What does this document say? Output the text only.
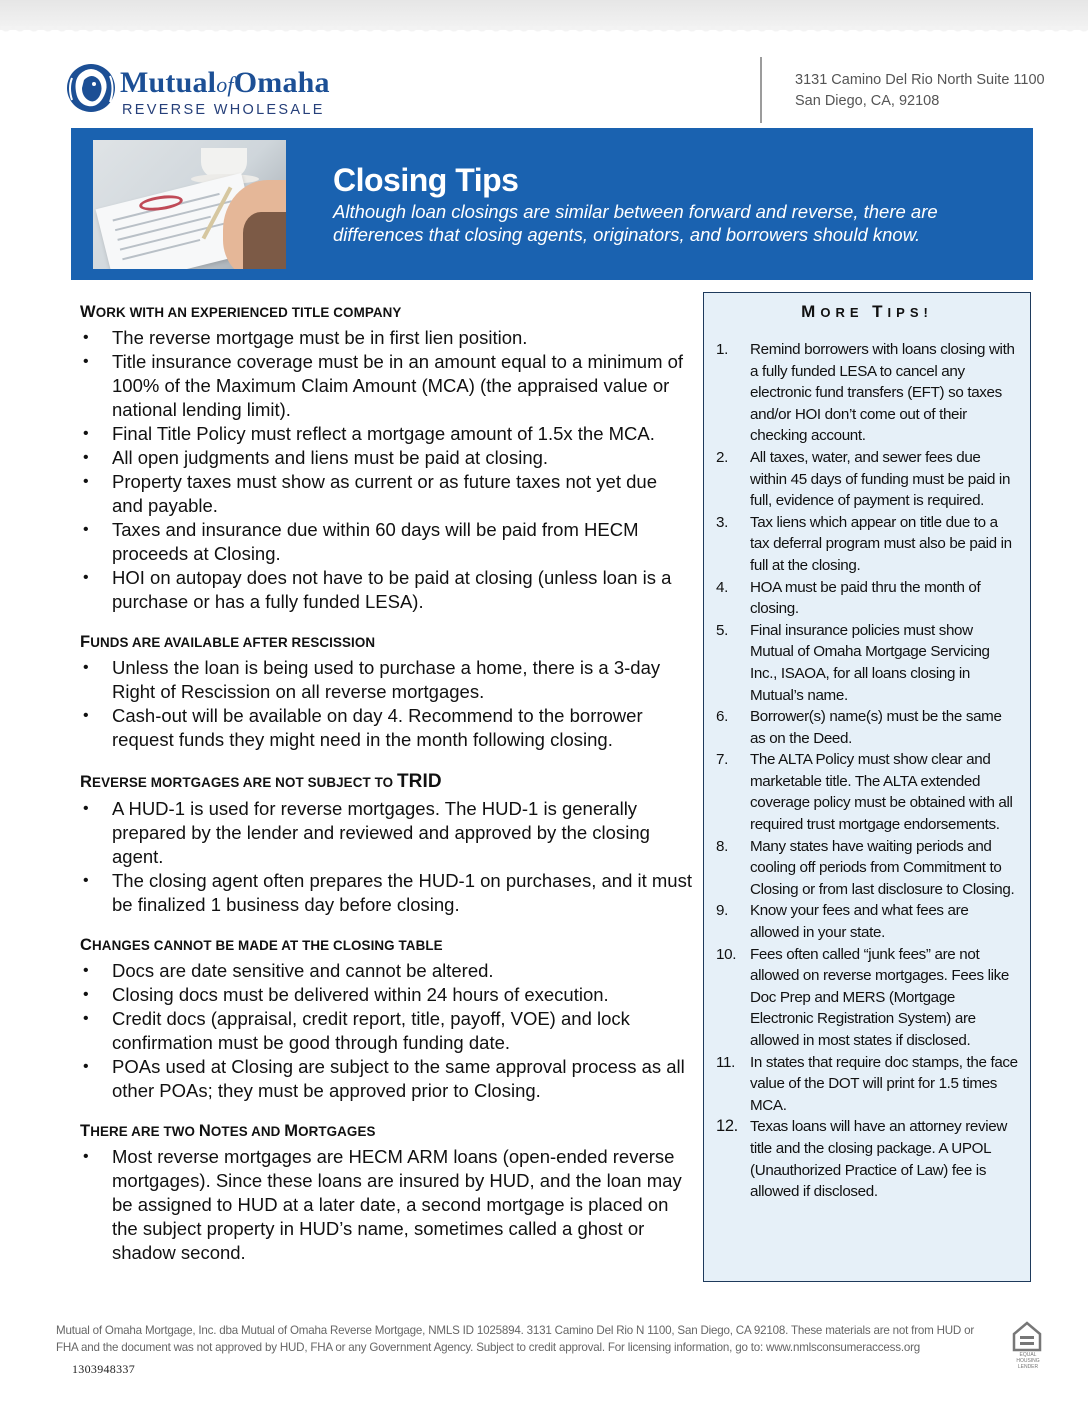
MutualofOmaha
REVERSE WHOLESALE
3131 Camino Del Rio North Suite 1100
San Diego, CA, 92108
Closing Tips
Although loan closings are similar between forward and reverse, there are differences that closing agents, originators, and borrowers should know.
WORK WITH AN EXPERIENCED TITLE COMPANY
• The reverse mortgage must be in first lien position.
• Title insurance coverage must be in an amount equal to a minimum of 100% of the Maximum Claim Amount (MCA) (the appraised value or national lending limit).
• Final Title Policy must reflect a mortgage amount of 1.5x the MCA.
• All open judgments and liens must be paid at closing.
• Property taxes must show as current or as future taxes not yet due and payable.
• Taxes and insurance due within 60 days will be paid from HECM proceeds at Closing.
• HOI on autopay does not have to be paid at closing (unless loan is a purchase or has a fully funded LESA).
FUNDS ARE AVAILABLE AFTER RESCISSION
• Unless the loan is being used to purchase a home, there is a 3-day Right of Rescission on all reverse mortgages.
• Cash-out will be available on day 4. Recommend to the borrower request funds they might need in the month following closing.
REVERSE MORTGAGES ARE NOT SUBJECT TO TRID
• A HUD-1 is used for reverse mortgages. The HUD-1 is generally prepared by the lender and reviewed and approved by the closing agent.
• The closing agent often prepares the HUD-1 on purchases, and it must be finalized 1 business day before closing.
CHANGES CANNOT BE MADE AT THE CLOSING TABLE
• Docs are date sensitive and cannot be altered.
• Closing docs must be delivered within 24 hours of execution.
• Credit docs (appraisal, credit report, title, payoff, VOE) and lock confirmation must be good through funding date.
• POAs used at Closing are subject to the same approval process as all other POAs; they must be approved prior to Closing.
THERE ARE TWO NOTES AND MORTGAGES
• Most reverse mortgages are HECM ARM loans (open-ended reverse mortgages). Since these loans are insured by HUD, and the loan may be assigned to HUD at a later date, a second mortgage is placed on the subject property in HUD’s name, sometimes called a ghost or shadow second.
MORE TIPS!
1.	Remind borrowers with loans closing with a fully funded LESA to cancel any electronic fund transfers (EFT) so taxes and/or HOI don’t come out of their checking account.
2.	All taxes, water, and sewer fees due within 45 days of funding must be paid in full, evidence of payment is required.
3.	Tax liens which appear on title due to a tax deferral program must also be paid in full at the closing.
4.	HOA must be paid thru the month of closing.
5.	Final insurance policies must show Mutual of Omaha Mortgage Servicing Inc., ISAOA, for all loans closing in Mutual’s name.
6.	Borrower(s) name(s) must be the same as on the Deed.
7.	The ALTA Policy must show clear and marketable title. The ALTA extended coverage policy must be obtained with all required trust mortgage endorsements.
8.	Many states have waiting periods and cooling off periods from Commitment to Closing or from last disclosure to Closing.
9.	Know your fees and what fees are allowed in your state.
10. Fees often called “junk fees” are not allowed on reverse mortgages. Fees like Doc Prep and MERS (Mortgage Electronic Registration System) are allowed in most states if disclosed.
11. In states that require doc stamps, the face value of the DOT will print for 1.5 times MCA.
12. Texas loans will have an attorney review title and the closing package. A UPOL (Unauthorized Practice of Law) fee is allowed if disclosed.
Mutual of Omaha Mortgage, Inc. dba Mutual of Omaha Reverse Mortgage, NMLS ID 1025894. 3131 Camino Del Rio N 1100, San Diego, CA 92108. These materials are not from HUD or FHA and the document was not approved by HUD, FHA or any Government Agency. Subject to credit approval. For licensing information, go to: www.nmlsconsumeraccess.org
EQUAL HOUSING LENDER
1303948337
